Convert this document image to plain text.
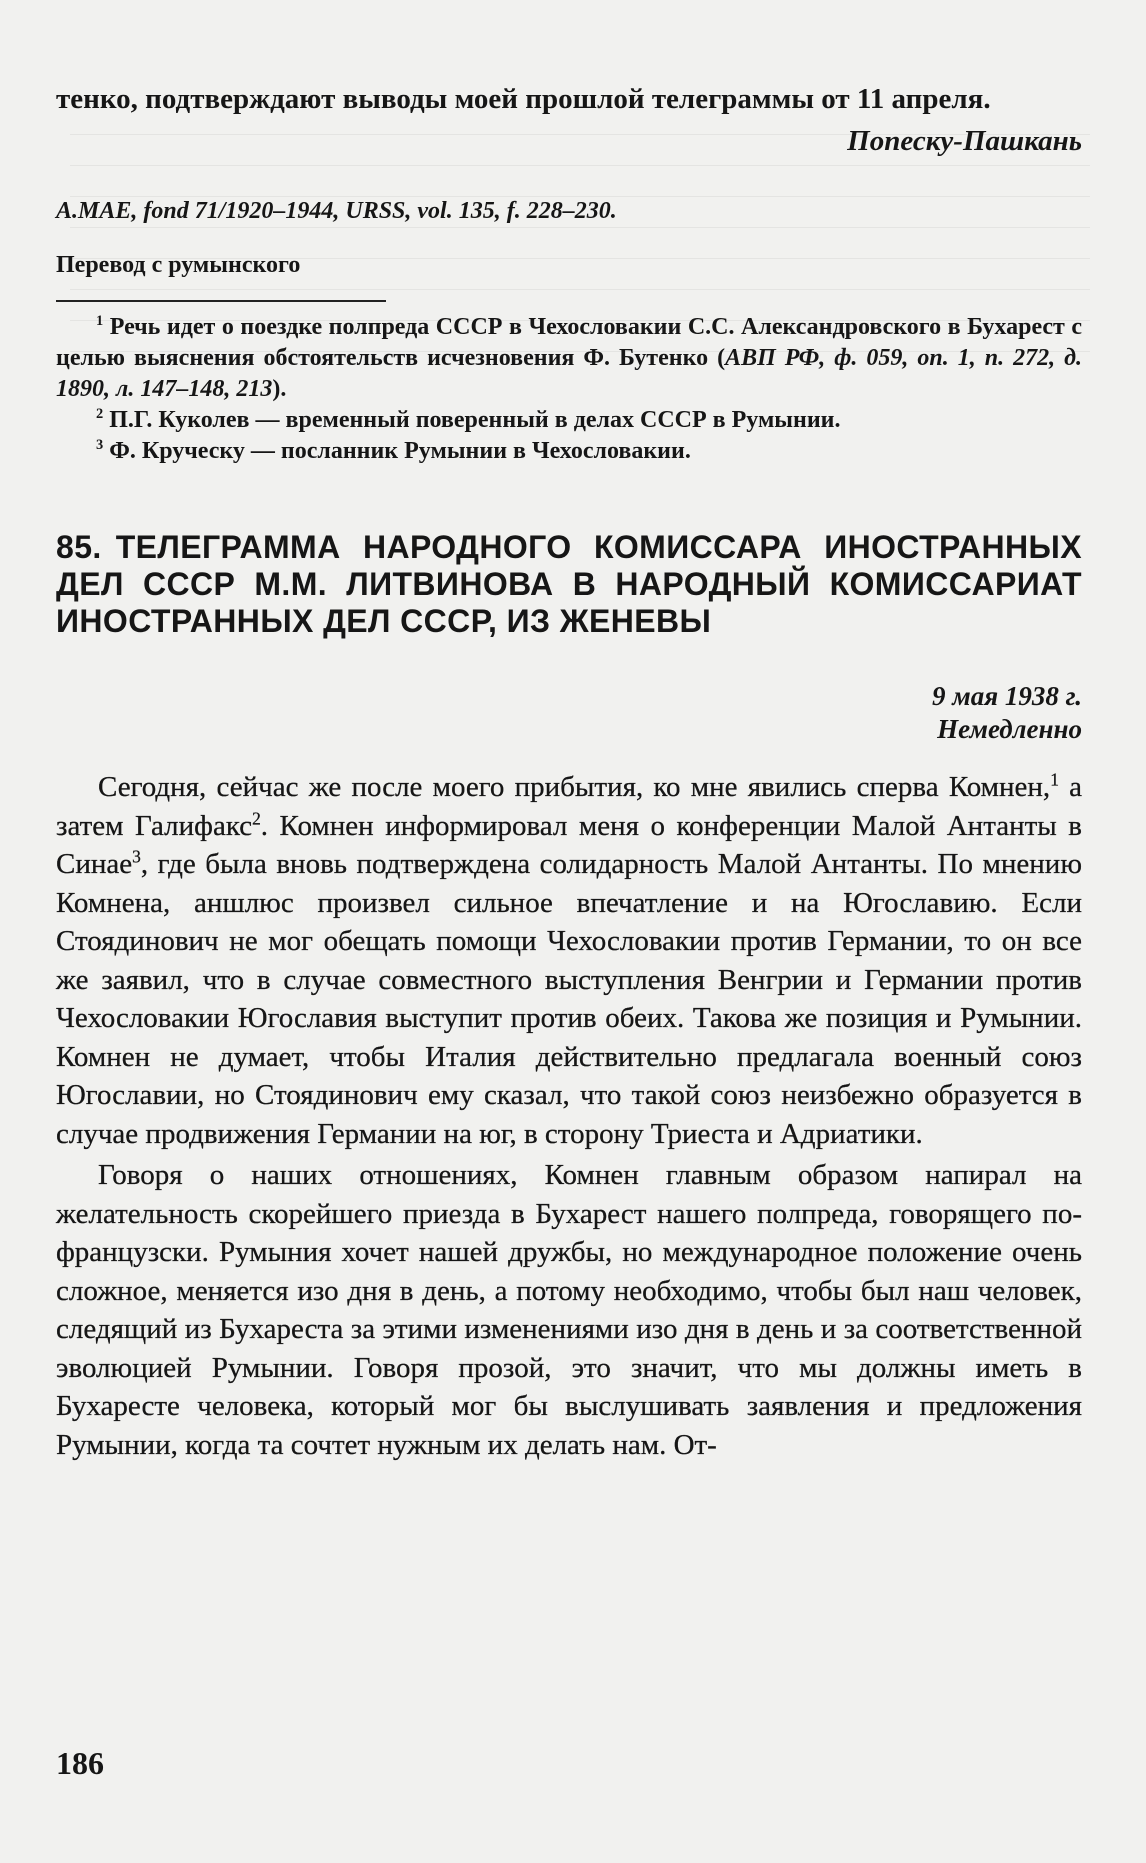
тенко, подтверждают выводы моей прошлой телеграммы от 11 апреля.

Попеску-Пашкань

A.MAE, fond 71/1920–1944, URSS, vol. 135, f. 228–230.

Перевод с румынского

$^1$ Речь идет о поездке полпреда СССР в Чехословакии С.С. Александровского в Бухарест с целью выяснения обстоятельств исчезновения Ф. Бутенко (АВП РФ, ф. 059, оп. 1, п. 272, д. 1890, л. 147–148, 213).

$^2$ П.Г. Куколев — временный поверенный в делах СССР в Румынии.

$^3$ Ф. Круческу — посланник Румынии в Чехословакии.

85. ТЕЛЕГРАММА НАРОДНОГО КОМИССАРА ИНОСТРАННЫХ ДЕЛ СССР М.М. ЛИТВИНОВА В НАРОДНЫЙ КОМИССАРИАТ ИНОСТРАННЫХ ДЕЛ СССР, ИЗ ЖЕНЕВЫ

9 мая 1938 г.

Немедленно

Сегодня, сейчас же после моего прибытия, ко мне явились сперва Комнен,$^1$ а затем Галифакс$^2$. Комнен информировал меня о конференции Малой Антанты в Синае$^3$, где была вновь подтверждена солидарность Малой Антанты. По мнению Комнена, аншлюс произвел сильное впечатление и на Югославию. Если Стоядинович не мог обещать помощи Чехословакии против Германии, то он все же заявил, что в случае совместного выступления Венгрии и Германии против Чехословакии Югославия выступит против обеих. Такова же позиция и Румынии. Комнен не думает, чтобы Италия действительно предлагала военный союз Югославии, но Стоядинович ему сказал, что такой союз неизбежно образуется в случае продвижения Германии на юг, в сторону Триеста и Адриатики.

Говоря о наших отношениях, Комнен главным образом напирал на желательность скорейшего приезда в Бухарест нашего полпреда, говорящего по-французски. Румыния хочет нашей дружбы, но международное положение очень сложное, меняется изо дня в день, а потому необходимо, чтобы был наш человек, следящий из Бухареста за этими изменениями изо дня в день и за соответственной эволюцией Румынии. Говоря прозой, это значит, что мы должны иметь в Бухаресте человека, который мог бы выслушивать заявления и предложения Румынии, когда та сочтет нужным их делать нам. От-

186
